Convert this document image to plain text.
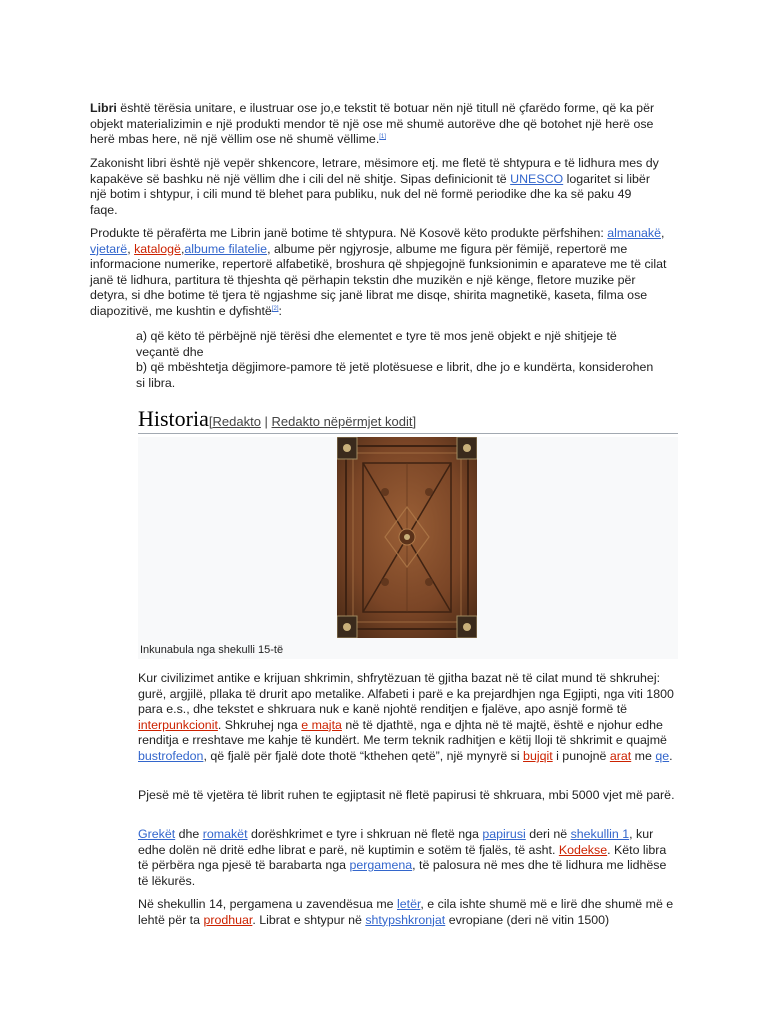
Libri është tërësia unitare, e ilustruar ose jo,e tekstit të botuar nën një titull në çfarëdo forme, që ka për objekt materializimin e një produkti mendor të një ose më shumë autorëve dhe që botohet një herë ose herë mbas here, në një vëllim ose në shumë vëllime.[1]

Zakonisht libri është një vepër shkencore, letrare, mësimore etj. me fletë të shtypura e të lidhura mes dy kapakëve së bashku në një vëllim dhe i cili del në shitje. Sipas definicionit të UNESCO logaritet si libër një botim i shtypur, i cili mund të blehet para publiku, nuk del në formë periodike dhe ka së paku 49 faqe.

Produkte të përafërta me Librin janë botime të shtypura. Në Kosovë këto produkte përfshihen: almanakë, vjetarë, katalogë,albume filatelie, albume për ngjyrosje, albume me figura për fëmijë, repertorë me informacione numerike, repertorë alfabetikë, broshura që shpjegojnë funksionimin e aparateve me të cilat janë të lidhura, partitura të thjeshta që përhapin tekstin dhe muzikën e një kënge, fletore muzike për detyra, si dhe botime të tjera të ngjashme siç janë librat me disqe, shirita magnetikë, kaseta, filma ose diapozitivë, me kushtin e dyfishtë[2]:

a) që këto të përbëjnë një tërësi dhe elementet e tyre të mos jenë objekt e një shitjeje të veçantë dhe

b) që mbështetja dëgjimore-pamore të jetë plotësuese e librit, dhe jo e kundërta, konsiderohen si libra.

Historia[Redakto | Redakto nëpërmjet kodit]
Inkunabula nga shekulli 15-të

Kur civilizimet antike e krijuan shkrimin, shfrytëzuan të gjitha bazat në të cilat mund të shkruhej: gurë, argjilë, pllaka të drurit apo metalike. Alfabeti i parë e ka prejardhjen nga Egjipti, nga viti 1800 para e.s., dhe tekstet e shkruara nuk e kanë njohtë renditjen e fjalëve, apo asnjë formë të interpunkcionit. Shkruhej nga e majta në të djathtë, nga e djhta në të majtë, është e njohur edhe renditja e rreshtave me kahje të kundërt. Me term teknik radhitjen e këtij lloji të shkrimit e quajmë bustrofedon, që fjalë për fjalë dote thotë “kthehen qetë”, një mynyrë si bujqit i punojnë arat me qe.

Pjesë më të vjetëra të librit ruhen te egjiptasit në fletë papirusi të shkruara, mbi 5000 vjet më parë.

Grekët dhe romakët dorëshkrimet e tyre i shkruan në fletë nga papirusi deri në shekullin 1, kur edhe dolën në dritë edhe librat e parë, në kuptimin e sotëm të fjalës, të asht. Kodekse. Këto libra të përbëra nga pjesë të barabarta nga pergamena, të palosura në mes dhe të lidhura me lidhëse të lëkurës.

Në shekullin 14, pergamena u zavendësua me letër, e cila ishte shumë më e lirë dhe shumë më e lehtë për ta prodhuar. Librat e shtypur në shtypshkronjat evropiane (deri në vitin 1500)
